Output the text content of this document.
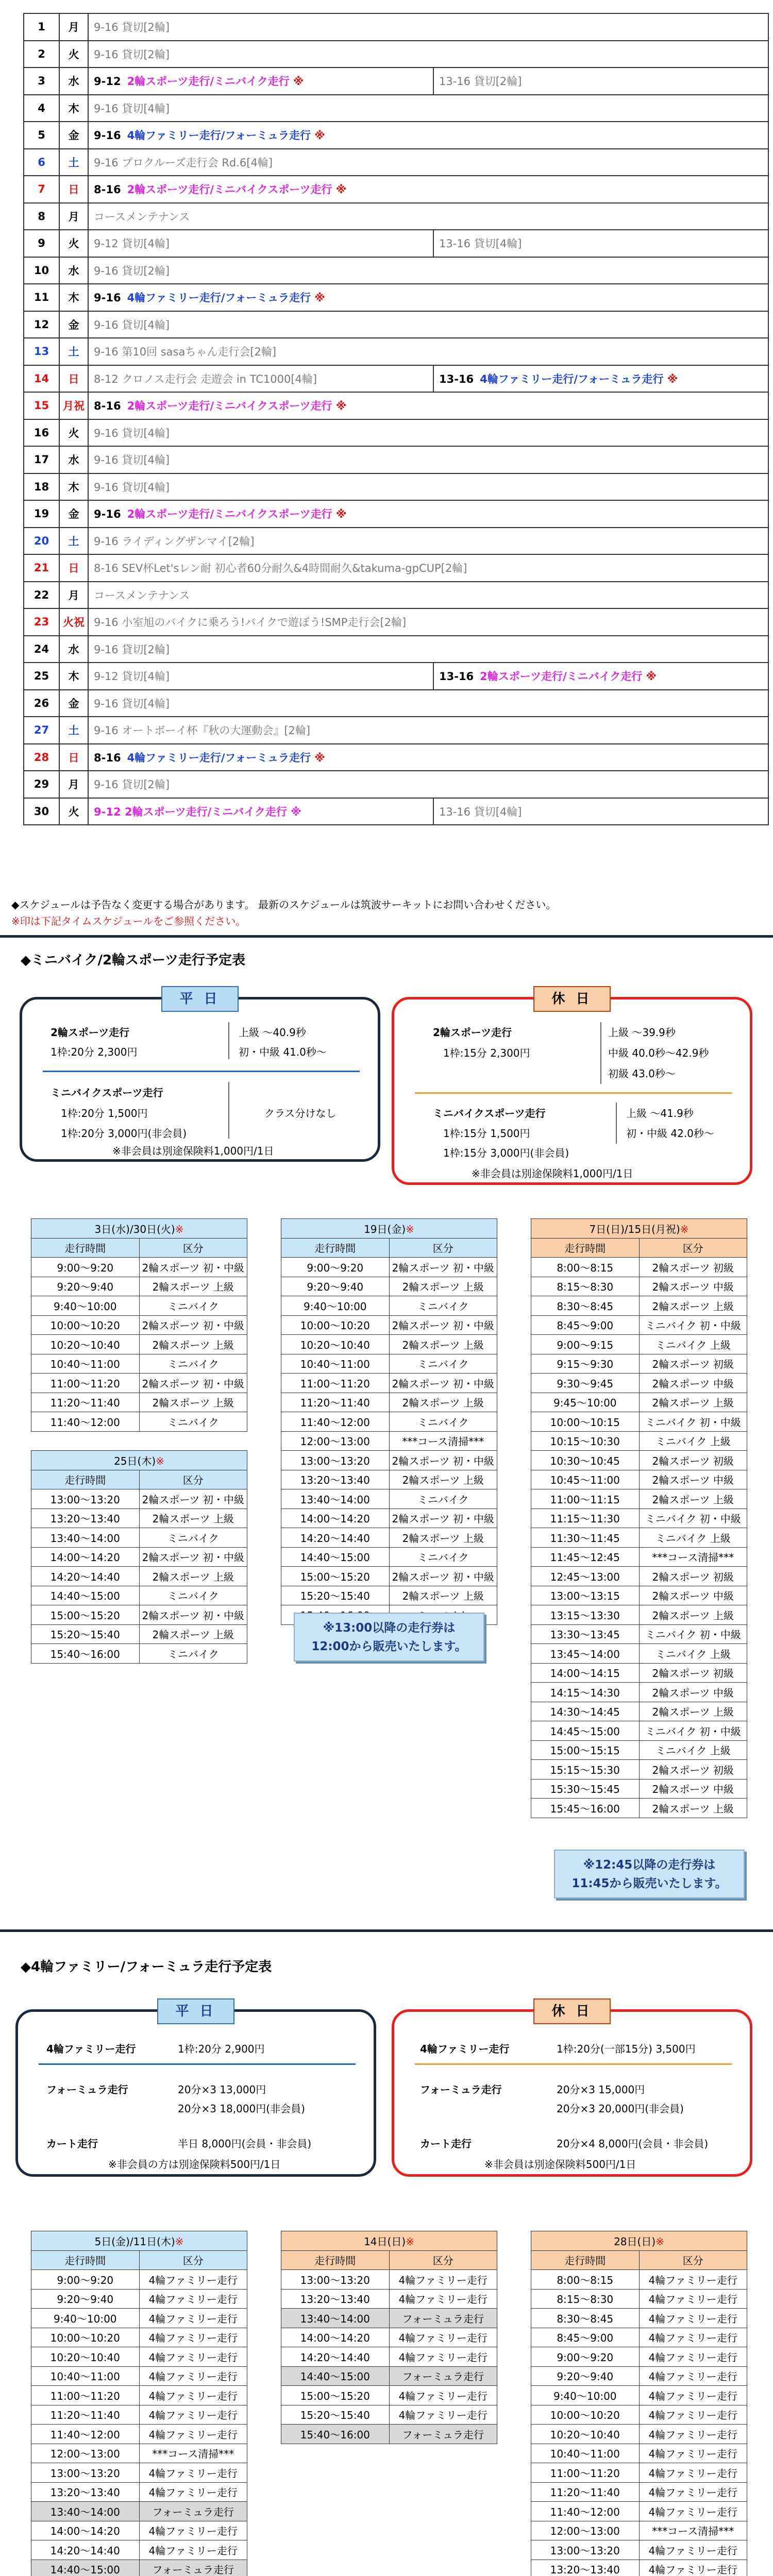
1	月	9-16 貸切[2輪]	
2	火	9-16 貸切[2輪]	
3	水	9-12 2輪スポーツ走行/ミニバイク走行 ※	13-16 貸切[2輪]
4	木	9-16 貸切[4輪]	
5	金	9-16 4輪ファミリー走行/フォーミュラ走行 ※	
6	土	9-16 プロクルーズ走行会 Rd.6[4輪]	
7	日	8-16 2輪スポーツ走行/ミニバイクスポーツ走行 ※	
8	月	コースメンテナンス	
9	火	9-12 貸切[4輪]	13-16 貸切[4輪]
10	水	9-16 貸切[2輪]	
11	木	9-16 4輪ファミリー走行/フォーミュラ走行 ※	
12	金	9-16 貸切[4輪]	
13	土	9-16 第10回 sasaちゃん走行会[2輪]	
14	日	8-12 クロノス走行会 走遊会 in TC1000[4輪]	13-16 4輪ファミリー走行/フォーミュラ走行 ※
15	月祝	8-16 2輪スポーツ走行/ミニバイクスポーツ走行 ※	
16	火	9-16 貸切[4輪]	
17	水	9-16 貸切[4輪]	
18	木	9-16 貸切[4輪]	
19	金	9-16 2輪スポーツ走行/ミニバイクスポーツ走行 ※	
20	土	9-16 ライディングザンマイ[2輪]	
21	日	8-16 SEV杯Let'sレン耐 初心者60分耐久&4時間耐久&takuma-gpCUP[2輪]	
22	月	コースメンテナンス	
23	火祝	9-16 小室旭のバイクに乗ろう!バイクで遊ぼう!SMP走行会[2輪]	
24	水	9-16 貸切[2輪]	
25	木	9-12 貸切[4輪]	13-16 2輪スポーツ走行/ミニバイク走行 ※
26	金	9-16 貸切[4輪]	
27	土	9-16 オートボーイ杯『秋の大運動会』[2輪]	
28	日	8-16 4輪ファミリー走行/フォーミュラ走行 ※	
29	月	9-16 貸切[2輪]	
30	火	9-12 2輪スポーツ走行/ミニバイク走行 ※	13-16 貸切[4輪]
◆スケジュールは予告なく変更する場合があります。 最新のスケジュールは筑波サーキットにお問い合わせください。
※印は下記タイムスケジュールをご参照ください。
◆ミニバイク/2輪スポーツ走行予定表
平 日
2輪スポーツ走行
1枠:20分 2,300円
上級 〜40.9秒
初・中級 41.0秒〜
ミニバイクスポーツ走行
1枠:20分 1,500円
1枠:20分 3,000円(非会員)
クラス分けなし
※非会員は別途保険料1,000円/1日
休 日
2輪スポーツ走行
1枠:15分 2,300円
上級 〜39.9秒
中級 40.0秒〜42.9秒
初級 43.0秒〜
ミニバイクスポーツ走行
1枠:15分 1,500円
1枠:15分 3,000円(非会員)
上級 〜41.9秒
初・中級 42.0秒〜
※非会員は別途保険料1,000円/1日
3日(水)/30日(火)※	
走行時間	区分
9:00〜9:20	2輪スポーツ 初・中級
9:20〜9:40	2輪スポーツ 上級
9:40〜10:00	ミニバイク
10:00〜10:20	2輪スポーツ 初・中級
10:20〜10:40	2輪スポーツ 上級
10:40〜11:00	ミニバイク
11:00〜11:20	2輪スポーツ 初・中級
11:20〜11:40	2輪スポーツ 上級
11:40〜12:00	ミニバイク
25日(木)※	
走行時間	区分
13:00〜13:20	2輪スポーツ 初・中級
13:20〜13:40	2輪スポーツ 上級
13:40〜14:00	ミニバイク
14:00〜14:20	2輪スポーツ 初・中級
14:20〜14:40	2輪スポーツ 上級
14:40〜15:00	ミニバイク
15:00〜15:20	2輪スポーツ 初・中級
15:20〜15:40	2輪スポーツ 上級
15:40〜16:00	ミニバイク
19日(金)※	
走行時間	区分
9:00〜9:20	2輪スポーツ 初・中級
9:20〜9:40	2輪スポーツ 上級
9:40〜10:00	ミニバイク
10:00〜10:20	2輪スポーツ 初・中級
10:20〜10:40	2輪スポーツ 上級
10:40〜11:00	ミニバイク
11:00〜11:20	2輪スポーツ 初・中級
11:20〜11:40	2輪スポーツ 上級
11:40〜12:00	ミニバイク
12:00〜13:00	***コース清掃***
13:00〜13:20	2輪スポーツ 初・中級
13:20〜13:40	2輪スポーツ 上級
13:40〜14:00	ミニバイク
14:00〜14:20	2輪スポーツ 初・中級
14:20〜14:40	2輪スポーツ 上級
14:40〜15:00	ミニバイク
15:00〜15:20	2輪スポーツ 初・中級
15:20〜15:40	2輪スポーツ 上級

※13:00以降の走行券は
12:00から販売いたします。
7日(日)/15日(月祝)※	
走行時間	区分
8:00〜8:15	2輪スポーツ 初級
8:15〜8:30	2輪スポーツ 中級
8:30〜8:45	2輪スポーツ 上級
8:45〜9:00	ミニバイク 初・中級
9:00〜9:15	ミニバイク 上級
9:15〜9:30	2輪スポーツ 初級
9:30〜9:45	2輪スポーツ 中級
9:45〜10:00	2輪スポーツ 上級
10:00〜10:15	ミニバイク 初・中級
10:15〜10:30	ミニバイク 上級
10:30〜10:45	2輪スポーツ 初級
10:45〜11:00	2輪スポーツ 中級
11:00〜11:15	2輪スポーツ 上級
11:15〜11:30	ミニバイク 初・中級
11:30〜11:45	ミニバイク 上級
11:45〜12:45	***コース清掃***
12:45〜13:00	2輪スポーツ 初級
13:00〜13:15	2輪スポーツ 中級
13:15〜13:30	2輪スポーツ 上級
13:30〜13:45	ミニバイク 初・中級
13:45〜14:00	ミニバイク 上級
14:00〜14:15	2輪スポーツ 初級
14:15〜14:30	2輪スポーツ 中級
14:30〜14:45	2輪スポーツ 上級
14:45〜15:00	ミニバイク 初・中級
15:00〜15:15	ミニバイク 上級
15:15〜15:30	2輪スポーツ 初級
15:30〜15:45	2輪スポーツ 中級
15:45〜16:00	2輪スポーツ 上級
※12:45以降の走行券は
11:45から販売いたします。
◆4輪ファミリー/フォーミュラ走行予定表
平 日
4輪ファミリー走行	1枠:20分 2,900円
フォーミュラ走行	20分×3 13,000円
20分×3 18,000円(非会員)
カート走行	半日 8,000円(会員・非会員)
※非会員の方は別途保険料500円/1日
休 日
4輪ファミリー走行	1枠:20分(一部15分) 3,500円
フォーミュラ走行	20分×3 15,000円
20分×3 20,000円(非会員)
カート走行	20分×4 8,000円(会員・非会員)
※非会員は別途保険料500円/1日
5日(金)/11日(木)※	
走行時間	区分
9:00〜9:20	4輪ファミリー走行
9:20〜9:40	4輪ファミリー走行
9:40〜10:00	4輪ファミリー走行
10:00〜10:20	4輪ファミリー走行
10:20〜10:40	4輪ファミリー走行
10:40〜11:00	4輪ファミリー走行
11:00〜11:20	4輪ファミリー走行
11:20〜11:40	4輪ファミリー走行
11:40〜12:00	4輪ファミリー走行
12:00〜13:00	***コース清掃***
13:00〜13:20	4輪ファミリー走行
13:20〜13:40	4輪ファミリー走行
13:40〜14:00	フォーミュラ走行
14:00〜14:20	4輪ファミリー走行
14:20〜14:40	4輪ファミリー走行
14:40〜15:00	フォーミュラ走行

14日(日)※	
走行時間	区分
13:00〜13:20	4輪ファミリー走行
13:20〜13:40	4輪ファミリー走行
13:40〜14:00	フォーミュラ走行
14:00〜14:20	4輪ファミリー走行
14:20〜14:40	4輪ファミリー走行
14:40〜15:00	フォーミュラ走行
15:00〜15:20	4輪ファミリー走行
15:20〜15:40	4輪ファミリー走行
15:40〜16:00	フォーミュラ走行
28日(日)※	
走行時間	区分
8:00〜8:15	4輪ファミリー走行
8:15〜8:30	4輪ファミリー走行
8:30〜8:45	4輪ファミリー走行
8:45〜9:00	4輪ファミリー走行
9:00〜9:20	4輪ファミリー走行
9:20〜9:40	4輪ファミリー走行
9:40〜10:00	4輪ファミリー走行
10:00〜10:20	4輪ファミリー走行
10:20〜10:40	4輪ファミリー走行
10:40〜11:00	4輪ファミリー走行
11:00〜11:20	4輪ファミリー走行
11:20〜11:40	4輪ファミリー走行
11:40〜12:00	4輪ファミリー走行
12:00〜13:00	***コース清掃***
13:00〜13:20	4輪ファミリー走行
13:20〜13:40	4輪ファミリー走行
